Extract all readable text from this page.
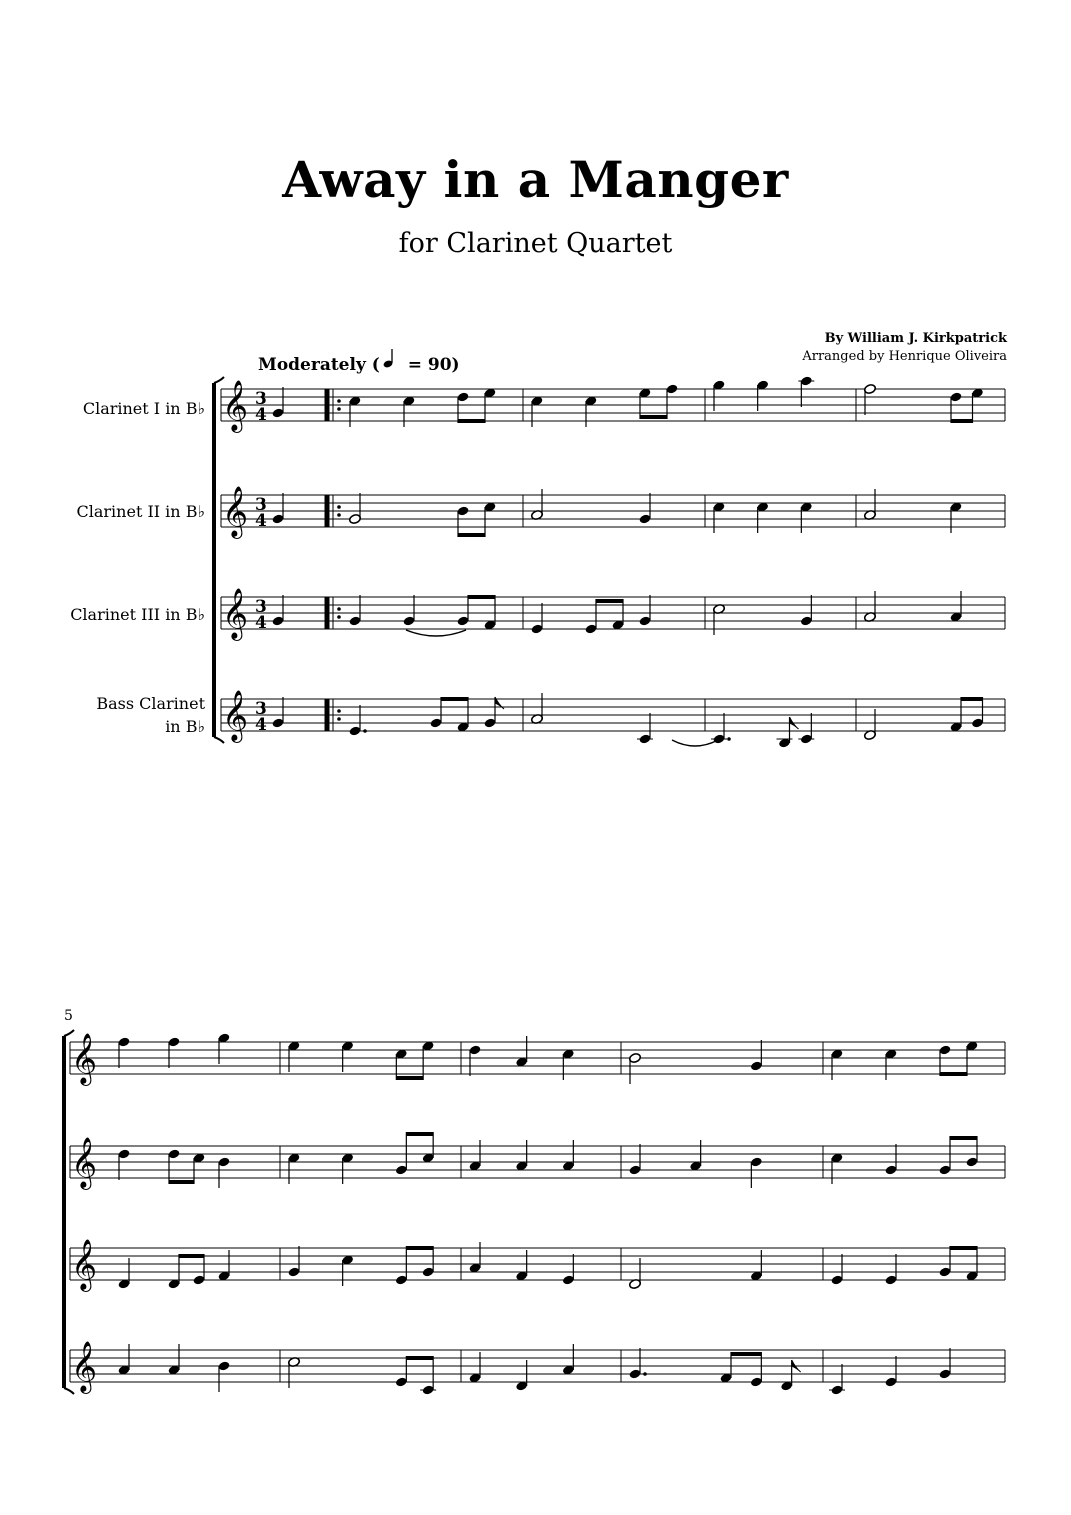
Away in a Manger
for Clarinet Quartet
By William J. Kirkpatrick
Arranged by Henrique Oliveira
Moderately ( = 90)
Clarinet I in B♭
Clarinet II in B♭
Clarinet III in B♭
Bass Clarinet
in B♭
5
𝄞 3
4
𝄞 3
4
𝄞 3
4
𝄞 3
4
𝄞
𝄞
𝄞
𝄞
